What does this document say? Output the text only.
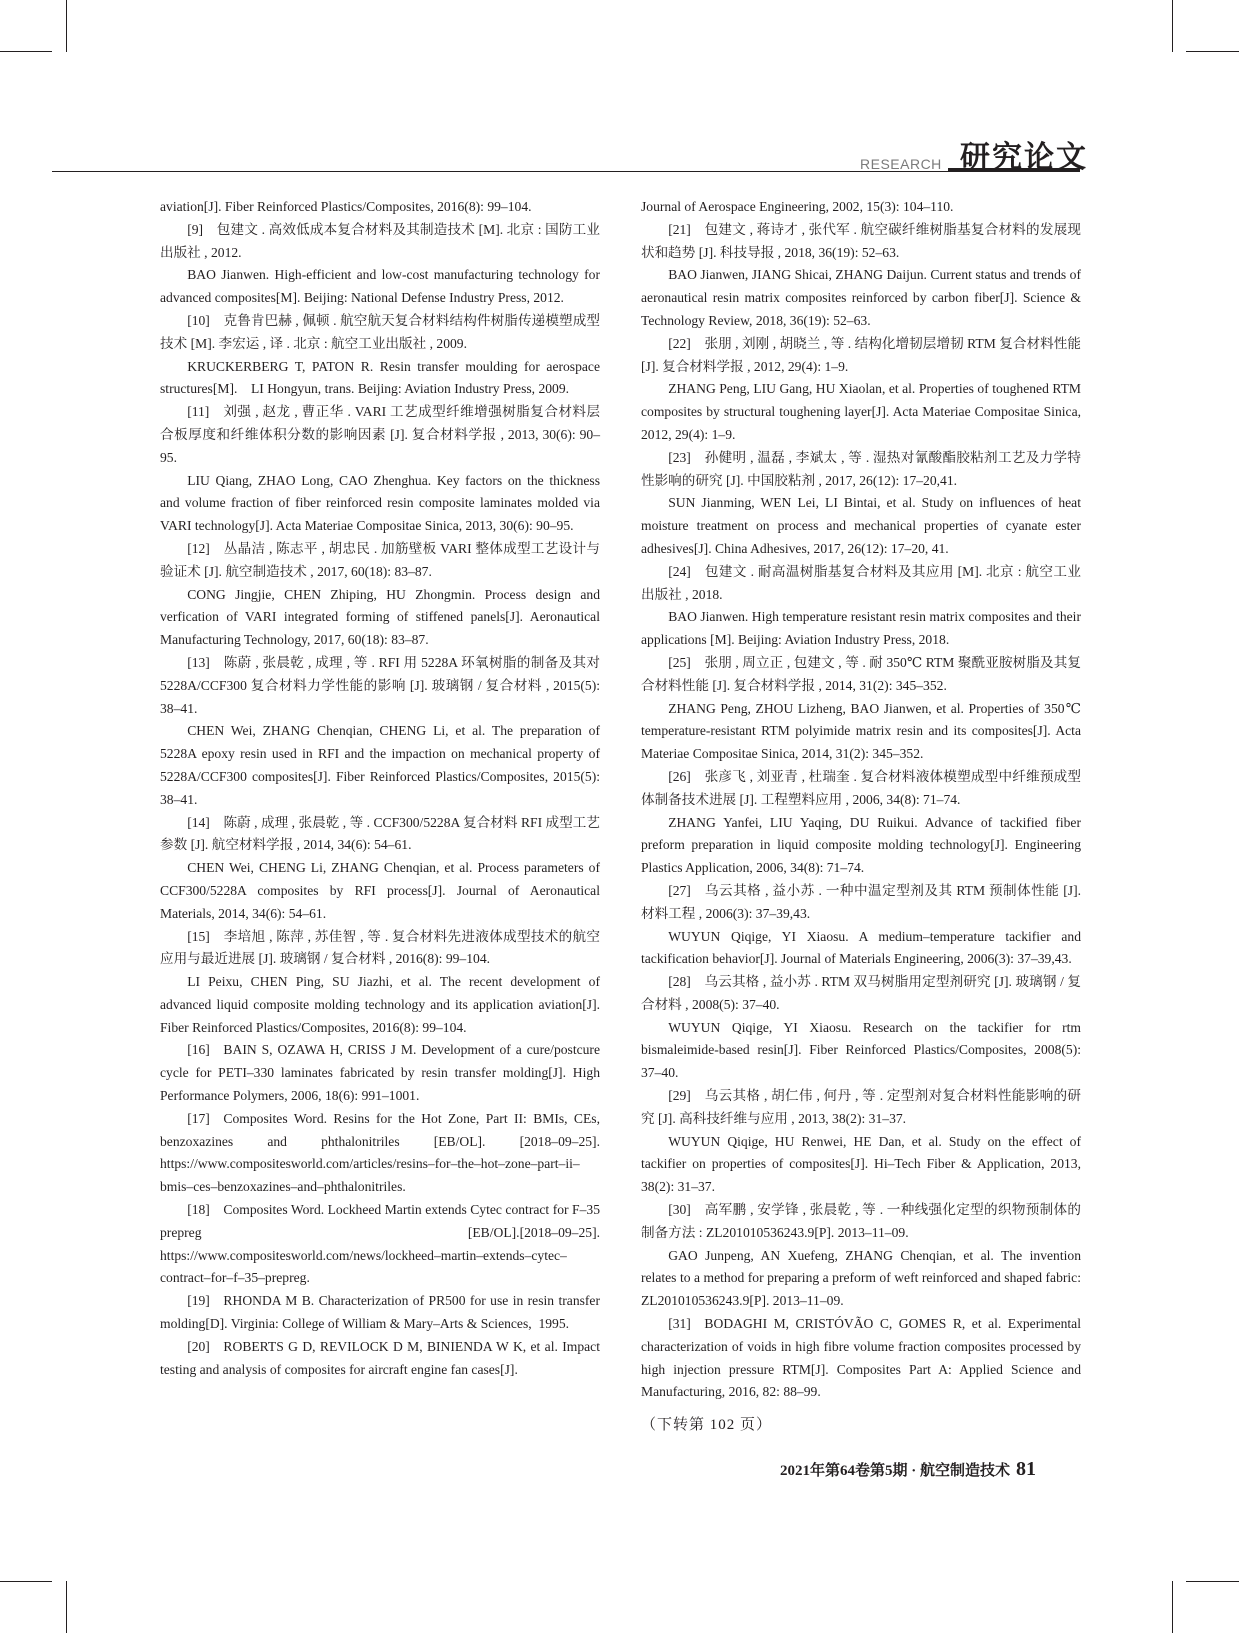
RESEARCH 研究论文

aviation[J]. Fiber Reinforced Plastics/Composites, 2016(8): 99–104.

[9] 包建文 . 高效低成本复合材料及其制造技术 [M]. 北京 : 国防工业出版社 , 2012.

BAO Jianwen. High-efficient and low-cost manufacturing technology for advanced composites[M]. Beijing: National Defense Industry Press, 2012.

[10] 克鲁肯巴赫 , 佩顿 . 航空航天复合材料结构件树脂传递模塑成型技术 [M]. 李宏运 , 译 . 北京 : 航空工业出版社 , 2009.

KRUCKERBERG T, PATON R. Resin transfer moulding for aerospace structures[M]. LI Hongyun, trans. Beijing: Aviation Industry Press, 2009.

[11] 刘强 , 赵龙 , 曹正华 . VARI 工艺成型纤维增强树脂复合材料层合板厚度和纤维体积分数的影响因素 [J]. 复合材料学报 , 2013, 30(6): 90–95.

LIU Qiang, ZHAO Long, CAO Zhenghua. Key factors on the thickness and volume fraction of fiber reinforced resin composite laminates molded via VARI technology[J]. Acta Materiae Compositae Sinica, 2013, 30(6): 90–95.

[12] 丛晶洁 , 陈志平 , 胡忠民 . 加筋壁板 VARI 整体成型工艺设计与验证术 [J]. 航空制造技术 , 2017, 60(18): 83–87.

CONG Jingjie, CHEN Zhiping, HU Zhongmin. Process design and verfication of VARI integrated forming of stiffened panels[J]. Aeronautical Manufacturing Technology, 2017, 60(18): 83–87.

[13] 陈蔚 , 张晨乾 , 成理 , 等 . RFI 用 5228A 环氧树脂的制备及其对 5228A/CCF300 复合材料力学性能的影响 [J]. 玻璃钢 / 复合材料 , 2015(5): 38–41.

CHEN Wei, ZHANG Chenqian, CHENG Li, et al. The preparation of 5228A epoxy resin used in RFI and the impaction on mechanical property of 5228A/CCF300 composites[J]. Fiber Reinforced Plastics/Composites, 2015(5): 38–41.

[14] 陈蔚 , 成理 , 张晨乾 , 等 . CCF300/5228A 复合材料 RFI 成型工艺参数 [J]. 航空材料学报 , 2014, 34(6): 54–61.

CHEN Wei, CHENG Li, ZHANG Chenqian, et al. Process parameters of CCF300/5228A composites by RFI process[J]. Journal of Aeronautical Materials, 2014, 34(6): 54–61.

[15] 李培旭 , 陈萍 , 苏佳智 , 等 . 复合材料先进液体成型技术的航空应用与最近进展 [J]. 玻璃钢 / 复合材料 , 2016(8): 99–104.

LI Peixu, CHEN Ping, SU Jiazhi, et al. The recent development of advanced liquid composite molding technology and its application aviation[J]. Fiber Reinforced Plastics/Composites, 2016(8): 99–104.

[16] BAIN S, OZAWA H, CRISS J M. Development of a cure/postcure cycle for PETI–330 laminates fabricated by resin transfer molding[J]. High Performance Polymers, 2006, 18(6): 991–1001.

[17] Composites Word. Resins for the Hot Zone, Part II: BMIs, CEs, benzoxazines and phthalonitriles [EB/OL]. [2018–09–25]. https://www.compositesworld.com/articles/resins–for–the–hot–zone–part–ii–bmis–ces–benzoxazines–and–phthalonitriles.

[18] Composites Word. Lockheed Martin extends Cytec contract for F–35 prepreg [EB/OL].[2018–09–25]. https://www.compositesworld.com/news/lockheed–martin–extends–cytec–contract–for–f–35–prepreg.

[19] RHONDA M B. Characterization of PR500 for use in resin transfer molding[D]. Virginia: College of William & Mary–Arts & Sciences, 1995.

[20] ROBERTS G D, REVILOCK D M, BINIENDA W K, et al. Impact testing and analysis of composites for aircraft engine fan cases[J].

Journal of Aerospace Engineering, 2002, 15(3): 104–110.

[21] 包建文 , 蒋诗才 , 张代军 . 航空碳纤维树脂基复合材料的发展现状和趋势 [J]. 科技导报 , 2018, 36(19): 52–63.

BAO Jianwen, JIANG Shicai, ZHANG Daijun. Current status and trends of aeronautical resin matrix composites reinforced by carbon fiber[J]. Science & Technology Review, 2018, 36(19): 52–63.

[22] 张朋 , 刘刚 , 胡晓兰 , 等 . 结构化增韧层增韧 RTM 复合材料性能 [J]. 复合材料学报 , 2012, 29(4): 1–9.

ZHANG Peng, LIU Gang, HU Xiaolan, et al. Properties of toughened RTM composites by structural toughening layer[J]. Acta Materiae Compositae Sinica, 2012, 29(4): 1–9.

[23] 孙健明 , 温磊 , 李斌太 , 等 . 湿热对氰酸酯胶粘剂工艺及力学特性影响的研究 [J]. 中国胶粘剂 , 2017, 26(12): 17–20,41.

SUN Jianming, WEN Lei, LI Bintai, et al. Study on influences of heat moisture treatment on process and mechanical properties of cyanate ester adhesives[J]. China Adhesives, 2017, 26(12): 17–20, 41.

[24] 包建文 . 耐高温树脂基复合材料及其应用 [M]. 北京 : 航空工业出版社 , 2018.

BAO Jianwen. High temperature resistant resin matrix composites and their applications [M]. Beijing: Aviation Industry Press, 2018.

[25] 张朋 , 周立正 , 包建文 , 等 . 耐 350℃ RTM 聚酰亚胺树脂及其复合材料性能 [J]. 复合材料学报 , 2014, 31(2): 345–352.

ZHANG Peng, ZHOU Lizheng, BAO Jianwen, et al. Properties of 350℃ temperature-resistant RTM polyimide matrix resin and its composites[J]. Acta Materiae Compositae Sinica, 2014, 31(2): 345–352.

[26] 张彦飞 , 刘亚青 , 杜瑞奎 . 复合材料液体模塑成型中纤维预成型体制备技术进展 [J]. 工程塑料应用 , 2006, 34(8): 71–74.

ZHANG Yanfei, LIU Yaqing, DU Ruikui. Advance of tackified fiber preform preparation in liquid composite molding technology[J]. Engineering Plastics Application, 2006, 34(8): 71–74.

[27] 乌云其格 , 益小苏 . 一种中温定型剂及其 RTM 预制体性能 [J]. 材料工程 , 2006(3): 37–39,43.

WUYUN Qiqige, YI Xiaosu. A medium–temperature tackifier and tackification behavior[J]. Journal of Materials Engineering, 2006(3): 37–39,43.

[28] 乌云其格 , 益小苏 . RTM 双马树脂用定型剂研究 [J]. 玻璃钢 / 复合材料 , 2008(5): 37–40.

WUYUN Qiqige, YI Xiaosu. Research on the tackifier for rtm bismaleimide-based resin[J]. Fiber Reinforced Plastics/Composites, 2008(5): 37–40.

[29] 乌云其格 , 胡仁伟 , 何丹 , 等 . 定型剂对复合材料性能影响的研究 [J]. 高科技纤维与应用 , 2013, 38(2): 31–37.

WUYUN Qiqige, HU Renwei, HE Dan, et al. Study on the effect of tackifier on properties of composites[J]. Hi–Tech Fiber & Application, 2013, 38(2): 31–37.

[30] 高军鹏 , 安学锋 , 张晨乾 , 等 . 一种线强化定型的织物预制体的制备方法 : ZL201010536243.9[P]. 2013–11–09.

GAO Junpeng, AN Xuefeng, ZHANG Chenqian, et al. The invention relates to a method for preparing a preform of weft reinforced and shaped fabric: ZL201010536243.9[P]. 2013–11–09.

[31] BODAGHI M, CRISTÓVÃO C, GOMES R, et al. Experimental characterization of voids in high fibre volume fraction composites processed by high injection pressure RTM[J]. Composites Part A: Applied Science and Manufacturing, 2016, 82: 88–99.

（下转第 102 页）

2021年第64卷第5期 · 航空制造技术 81
